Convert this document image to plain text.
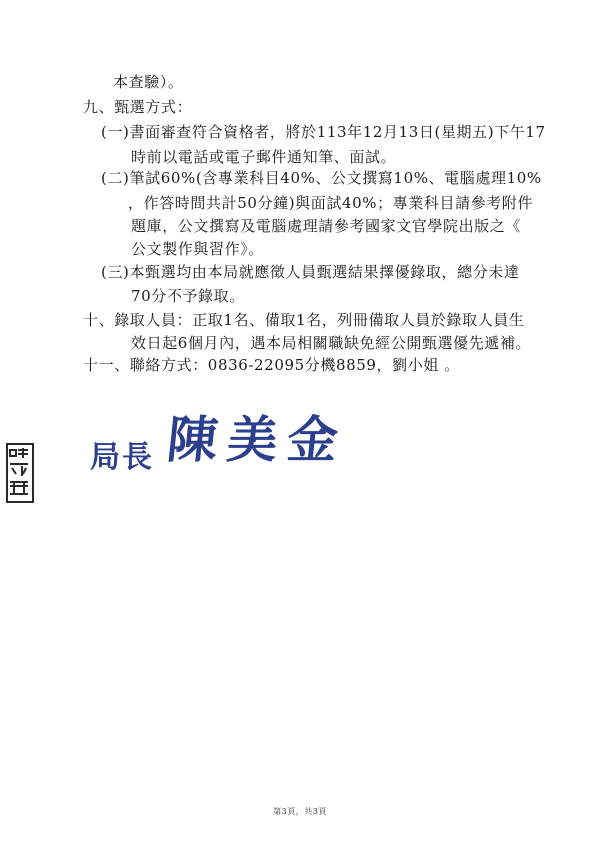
本查驗）。
九、甄選方式：
(一)書面審查符合資格者，將於113年12月13日(星期五)下午17
時前以電話或電子郵件通知筆、面試。
(二)筆試60%(含專業科目40%、公文撰寫10%、電腦處理10%
，作答時間共計50分鐘)與面試40%；專業科目請參考附件
題庫，公文撰寫及電腦處理請參考國家文官學院出版之《
公文製作與習作》。
(三)本甄選均由本局就應徵人員甄選結果擇優錄取，總分未達
70分不予錄取。
十、錄取人員：正取1名、備取1名，列冊備取人員於錄取人員生
效日起6個月內，遇本局相關職缺免經公開甄選優先遞補。
十一、聯絡方式：0836-22095分機8859，劉小姐 。
局長 陳美金
第3頁，共3頁
